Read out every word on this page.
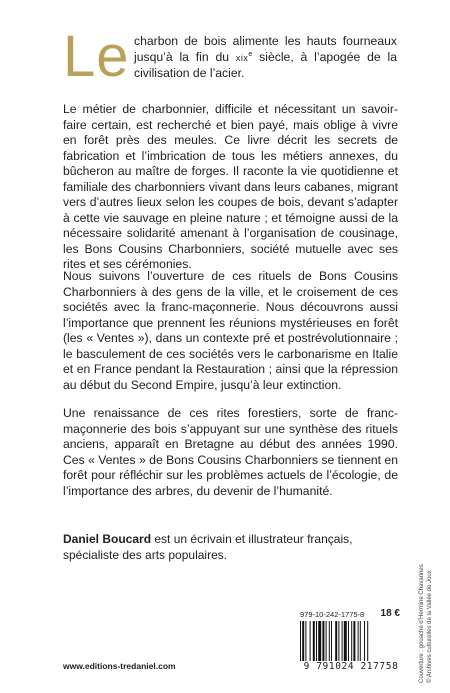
Le charbon de bois alimente les hauts fourneaux jusqu’à la fin du xix$^e$ siècle, à l’apogée de la civilisation de l’acier.

Le métier de charbonnier, difficile et nécessitant un savoir-faire certain, est recherché et bien payé, mais oblige à vivre en forêt près des meules. Ce livre décrit les secrets de fabrication et l’imbrication de tous les métiers annexes, du bûcheron au maître de forges. Il raconte la vie quotidienne et familiale des charbonniers vivant dans leurs cabanes, migrant vers d’autres lieux selon les coupes de bois, devant s’adapter à cette vie sauvage en pleine nature ; et témoigne aussi de la nécessaire solidarité amenant à l’organisation de cousinage, les Bons Cousins Charbonniers, société mutuelle avec ses rites et ses cérémonies.

Nous suivons l’ouverture de ces rituels de Bons Cousins Charbonniers à des gens de la ville, et le croisement de ces sociétés avec la franc-maçonnerie. Nous découvrons aussi l’importance que prennent les réunions mystérieuses en forêt (les « Ventes »), dans un contexte pré et postrévolutionnaire ; le basculement de ces sociétés vers le carbonarisme en Italie et en France pendant la Restauration ; ainsi que la répression au début du Second Empire, jusqu’à leur extinction.

Une renaissance de ces rites forestiers, sorte de franc-maçonnerie des bois s’appuyant sur une synthèse des rituels anciens, apparaît en Bretagne au début des années 1990. Ces « Ventes » de Bons Cousins Charbonniers se tiennent en forêt pour réfléchir sur les problèmes actuels de l’écologie, de l’importance des arbres, du devenir de l’humanité.

Daniel Boucard est un écrivain et illustrateur français, spécialiste des arts populaires.
979-10-242-1775-8 18 €
9 791024 217758
www.editions-tredaniel.com	Couverture : gouache d’Hermine Chavannes © Archives culturelles de la Vallée de Joux
